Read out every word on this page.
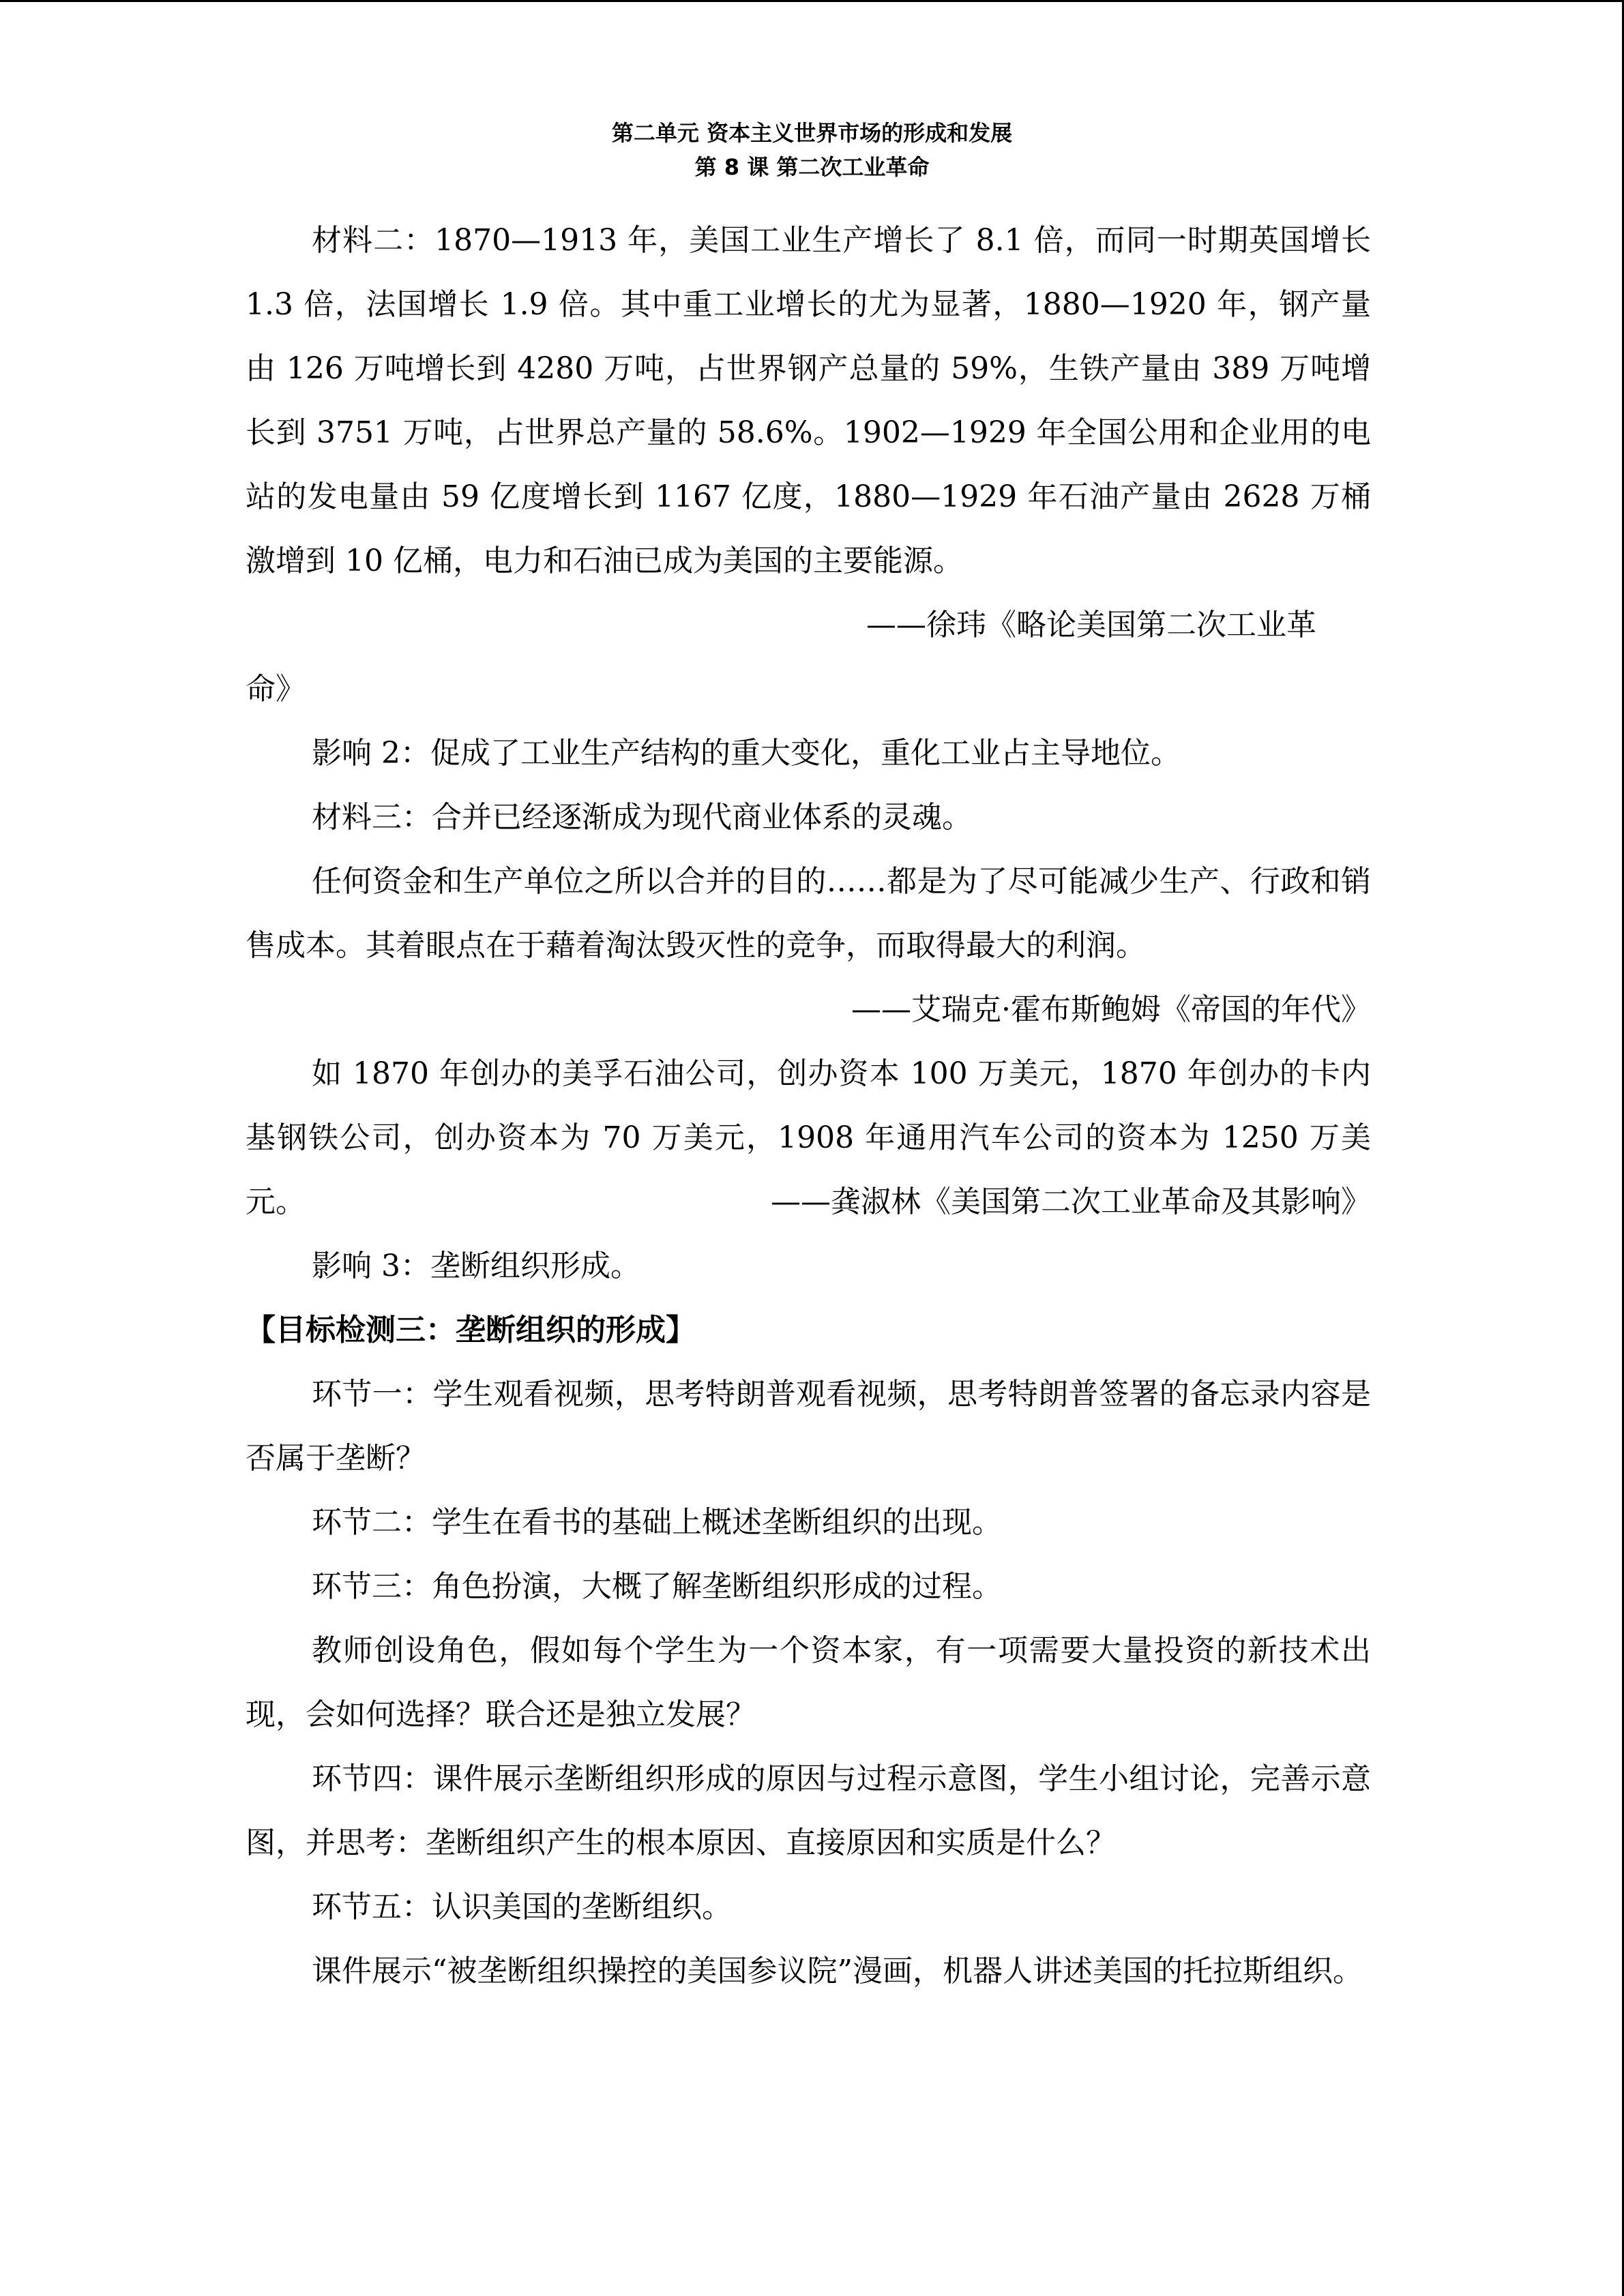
第二单元 资本主义世界市场的形成和发展
第 8 课 第二次工业革命

材料二：1870—1913 年，美国工业生产增长了 8.1 倍，而同一时期英国增长 1.3 倍，法国增长 1.9 倍。其中重工业增长的尤为显著，1880—1920 年，钢产量由 126 万吨增长到 4280 万吨，占世界钢产总量的 59%，生铁产量由 389 万吨增长到 3751 万吨，占世界总产量的 58.6%。1902—1929 年全国公用和企业用的电站的发电量由 59 亿度增长到 1167 亿度，1880—1929 年石油产量由 2628 万桶激增到 10 亿桶，电力和石油已成为美国的主要能源。

——徐玮《略论美国第二次工业革

命》

影响 2：促成了工业生产结构的重大变化，重化工业占主导地位。

材料三：合并已经逐渐成为现代商业体系的灵魂。

任何资金和生产单位之所以合并的目的……都是为了尽可能减少生产、行政和销售成本。其着眼点在于藉着淘汰毁灭性的竞争，而取得最大的利润。

——艾瑞克·霍布斯鲍姆《帝国的年代》

如 1870 年创办的美孚石油公司，创办资本 100 万美元，1870 年创办的卡内基钢铁公司，创办资本为 70 万美元，1908 年通用汽车公司的资本为 1250 万美元。	——龚淑林《美国第二次工业革命及其影响》

影响 3：垄断组织形成。

【目标检测三：垄断组织的形成】

环节一：学生观看视频，思考特朗普观看视频，思考特朗普签署的备忘录内容是否属于垄断？

环节二：学生在看书的基础上概述垄断组织的出现。

环节三：角色扮演，大概了解垄断组织形成的过程。

教师创设角色，假如每个学生为一个资本家，有一项需要大量投资的新技术出现，会如何选择？联合还是独立发展？

环节四：课件展示垄断组织形成的原因与过程示意图，学生小组讨论，完善示意图，并思考：垄断组织产生的根本原因、直接原因和实质是什么？

环节五：认识美国的垄断组织。

课件展示“被垄断组织操控的美国参议院”漫画，机器人讲述美国的托拉斯组织。
